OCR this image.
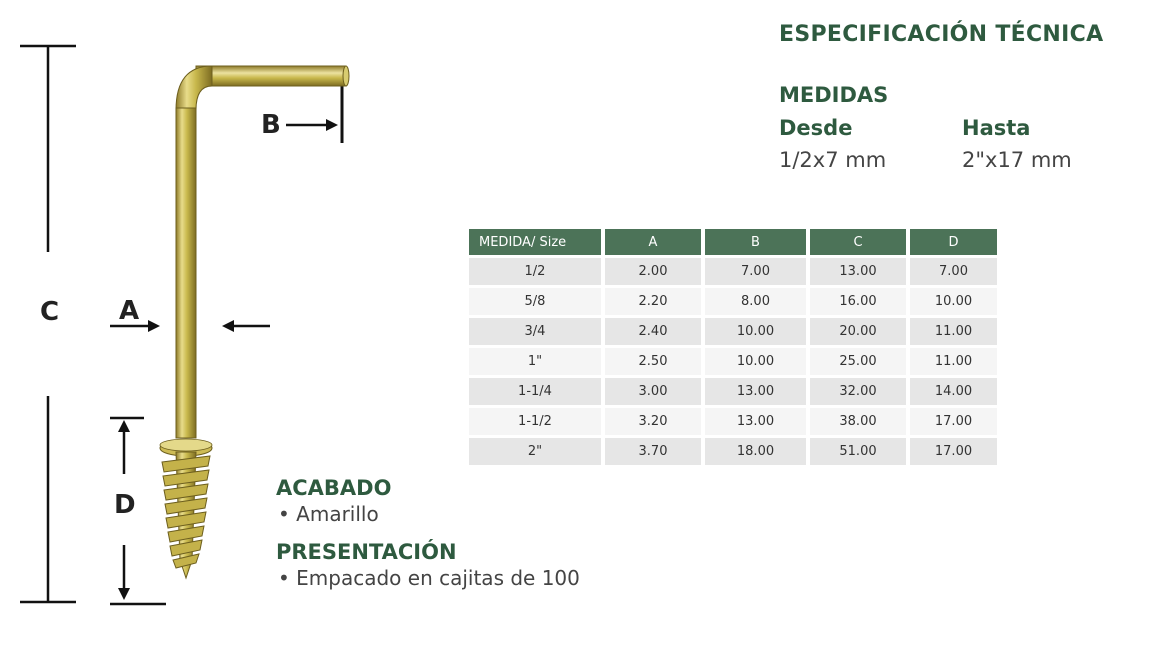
C A
B
D
ESPECIFICACIÓN TÉCNICA
MEDIDAS
Desde	Hasta
1/2x7 mm	2"x17 mm
MEDIDA/ Size	A	B	C	D
1/2	2.00	7.00	13.00	7.00
5/8	2.20	8.00	16.00	10.00
3/4	2.40	10.00	20.00	11.00
1"	2.50	10.00	25.00	11.00
1-1/4	3.00	13.00	32.00	14.00
1-1/2	3.20	13.00	38.00	17.00
2"	3.70	18.00	51.00	17.00
ACABADO
• Amarillo
PRESENTACIÓN
• Empacado en cajitas de 100
